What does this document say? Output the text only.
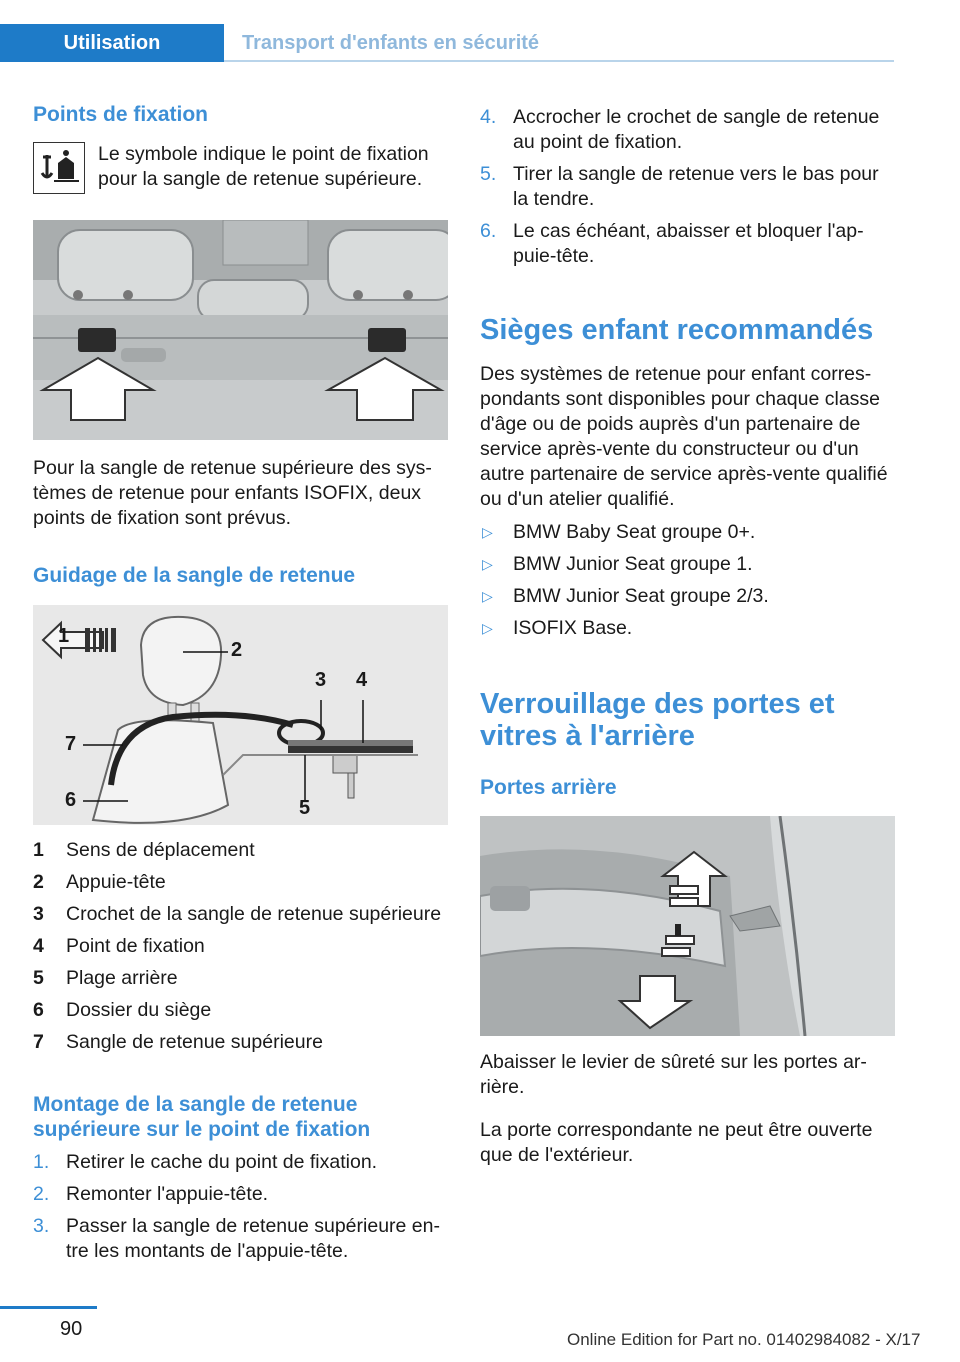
Utilisation	Transport d'enfants en sécurité
Points de fixation
Le symbole indique le point de fixation pour la sangle de retenue supérieure.
Pour la sangle de retenue supérieure des sys‐tèmes de retenue pour enfants ISOFIX, deux points de fixation sont prévus.
Guidage de la sangle de retenue
1
2
3 4
5
6
7
1 Sens de déplacement
2 Appuie-tête
3 Crochet de la sangle de retenue supérieure
4 Point de fixation
5 Plage arrière
6 Dossier du siège
7 Sangle de retenue supérieure
Montage de la sangle de retenue supérieure sur le point de fixation
1. Retirer le cache du point de fixation.
2. Remonter l'appuie-tête.
3. Passer la sangle de retenue supérieure en‐tre les montants de l'appuie-tête.
4. Accrocher le crochet de sangle de retenue au point de fixation.
5. Tirer la sangle de retenue vers le bas pour la tendre.
6. Le cas échéant, abaisser et bloquer l'ap‐puie-tête.
Sièges enfant recommandés
Des systèmes de retenue pour enfant corres‐pondants sont disponibles pour chaque classe d'âge ou de poids auprès d'un partenaire de service après-vente du constructeur ou d'un autre partenaire de service après-vente qualifié ou d'un atelier qualifié.
▷ BMW Baby Seat groupe 0+.
▷ BMW Junior Seat groupe 1.
▷ BMW Junior Seat groupe 2/3.
▷ ISOFIX Base.
Verrouillage des portes et vitres à l'arrière
Portes arrière
Abaisser le levier de sûreté sur les portes ar‐rière.
La porte correspondante ne peut être ouverte que de l'extérieur.
90	Online Edition for Part no. 01402984082 - X/17
